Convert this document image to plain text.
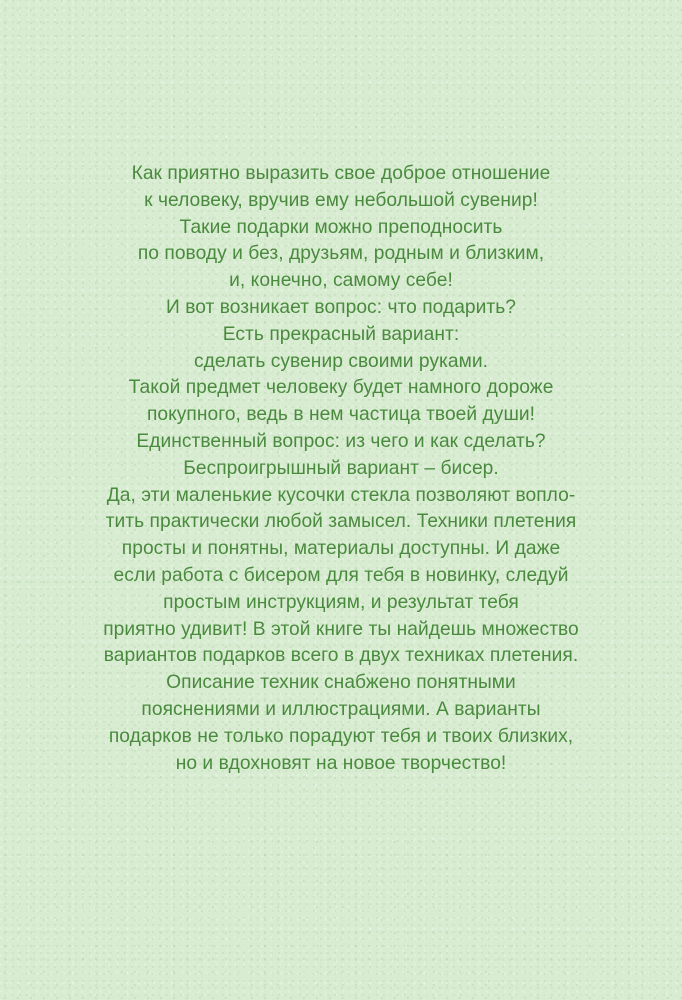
Как приятно выразить свое доброе отношение
к человеку, вручив ему небольшой сувенир!
Такие подарки можно преподносить
по поводу и без, друзьям, родным и близким,
и, конечно, самому себе!
И вот возникает вопрос: что подарить?
Есть прекрасный вариант:
сделать сувенир своими руками.
Такой предмет человеку будет намного дороже
покупного, ведь в нем частица твоей души!
Единственный вопрос: из чего и как сделать?
Беспроигрышный вариант – бисер.
Да, эти маленькие кусочки стекла позволяют вопло-
тить практически любой замысел. Техники плетения
просты и понятны, материалы доступны. И даже
если работа с бисером для тебя в новинку, следуй
простым инструкциям, и результат тебя
приятно удивит! В этой книге ты найдешь множество
вариантов подарков всего в двух техниках плетения.
Описание техник снабжено понятными
пояснениями и иллюстрациями. А варианты
подарков не только порадуют тебя и твоих близких,
но и вдохновят на новое творчество!
